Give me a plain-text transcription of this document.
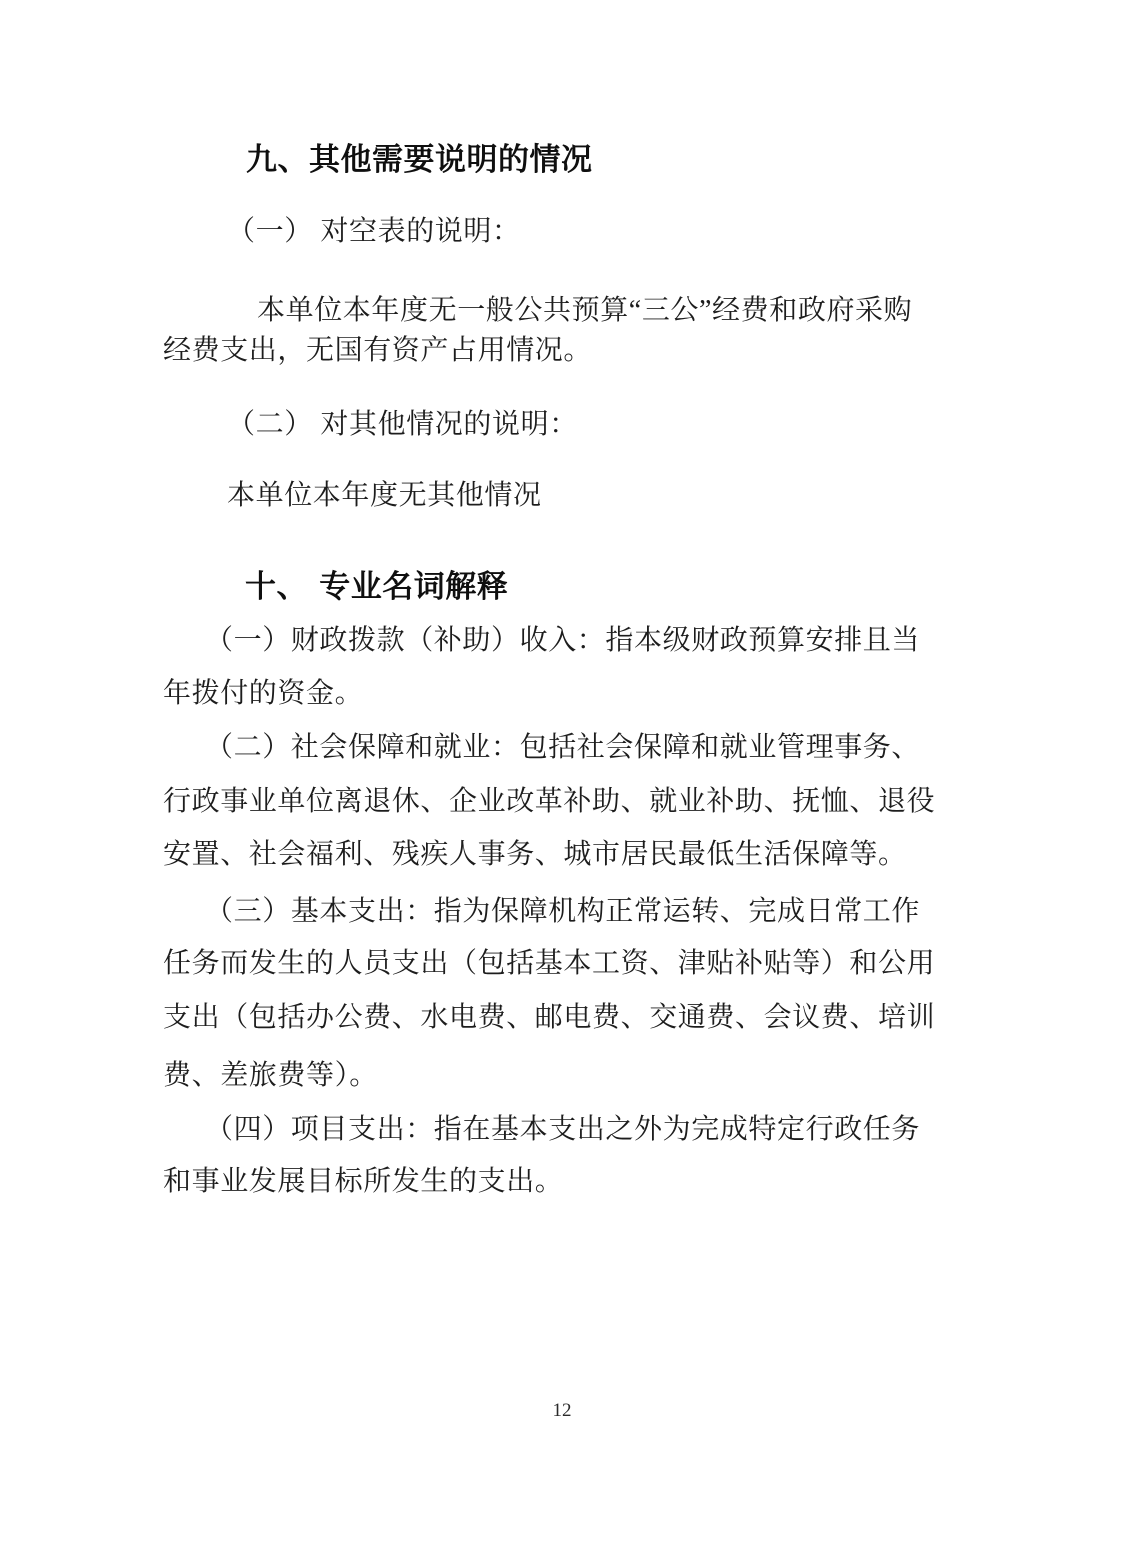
九、其他需要说明的情况
（一） 对空表的说明：
本单位本年度无一般公共预算“三公”经费和政府采购
经费支出，无国有资产占用情况。
（二） 对其他情况的说明：
本单位本年度无其他情况
十、 专业名词解释
（一）财政拨款（补助）收入：指本级财政预算安排且当
年拨付的资金。
（二）社会保障和就业：包括社会保障和就业管理事务、
行政事业单位离退休、企业改革补助、就业补助、抚恤、退役
安置、社会福利、残疾人事务、城市居民最低生活保障等。
（三）基本支出：指为保障机构正常运转、完成日常工作
任务而发生的人员支出（包括基本工资、津贴补贴等）和公用
支出（包括办公费、水电费、邮电费、交通费、会议费、培训
费、差旅费等）。
（四）项目支出：指在基本支出之外为完成特定行政任务
和事业发展目标所发生的支出。
12
